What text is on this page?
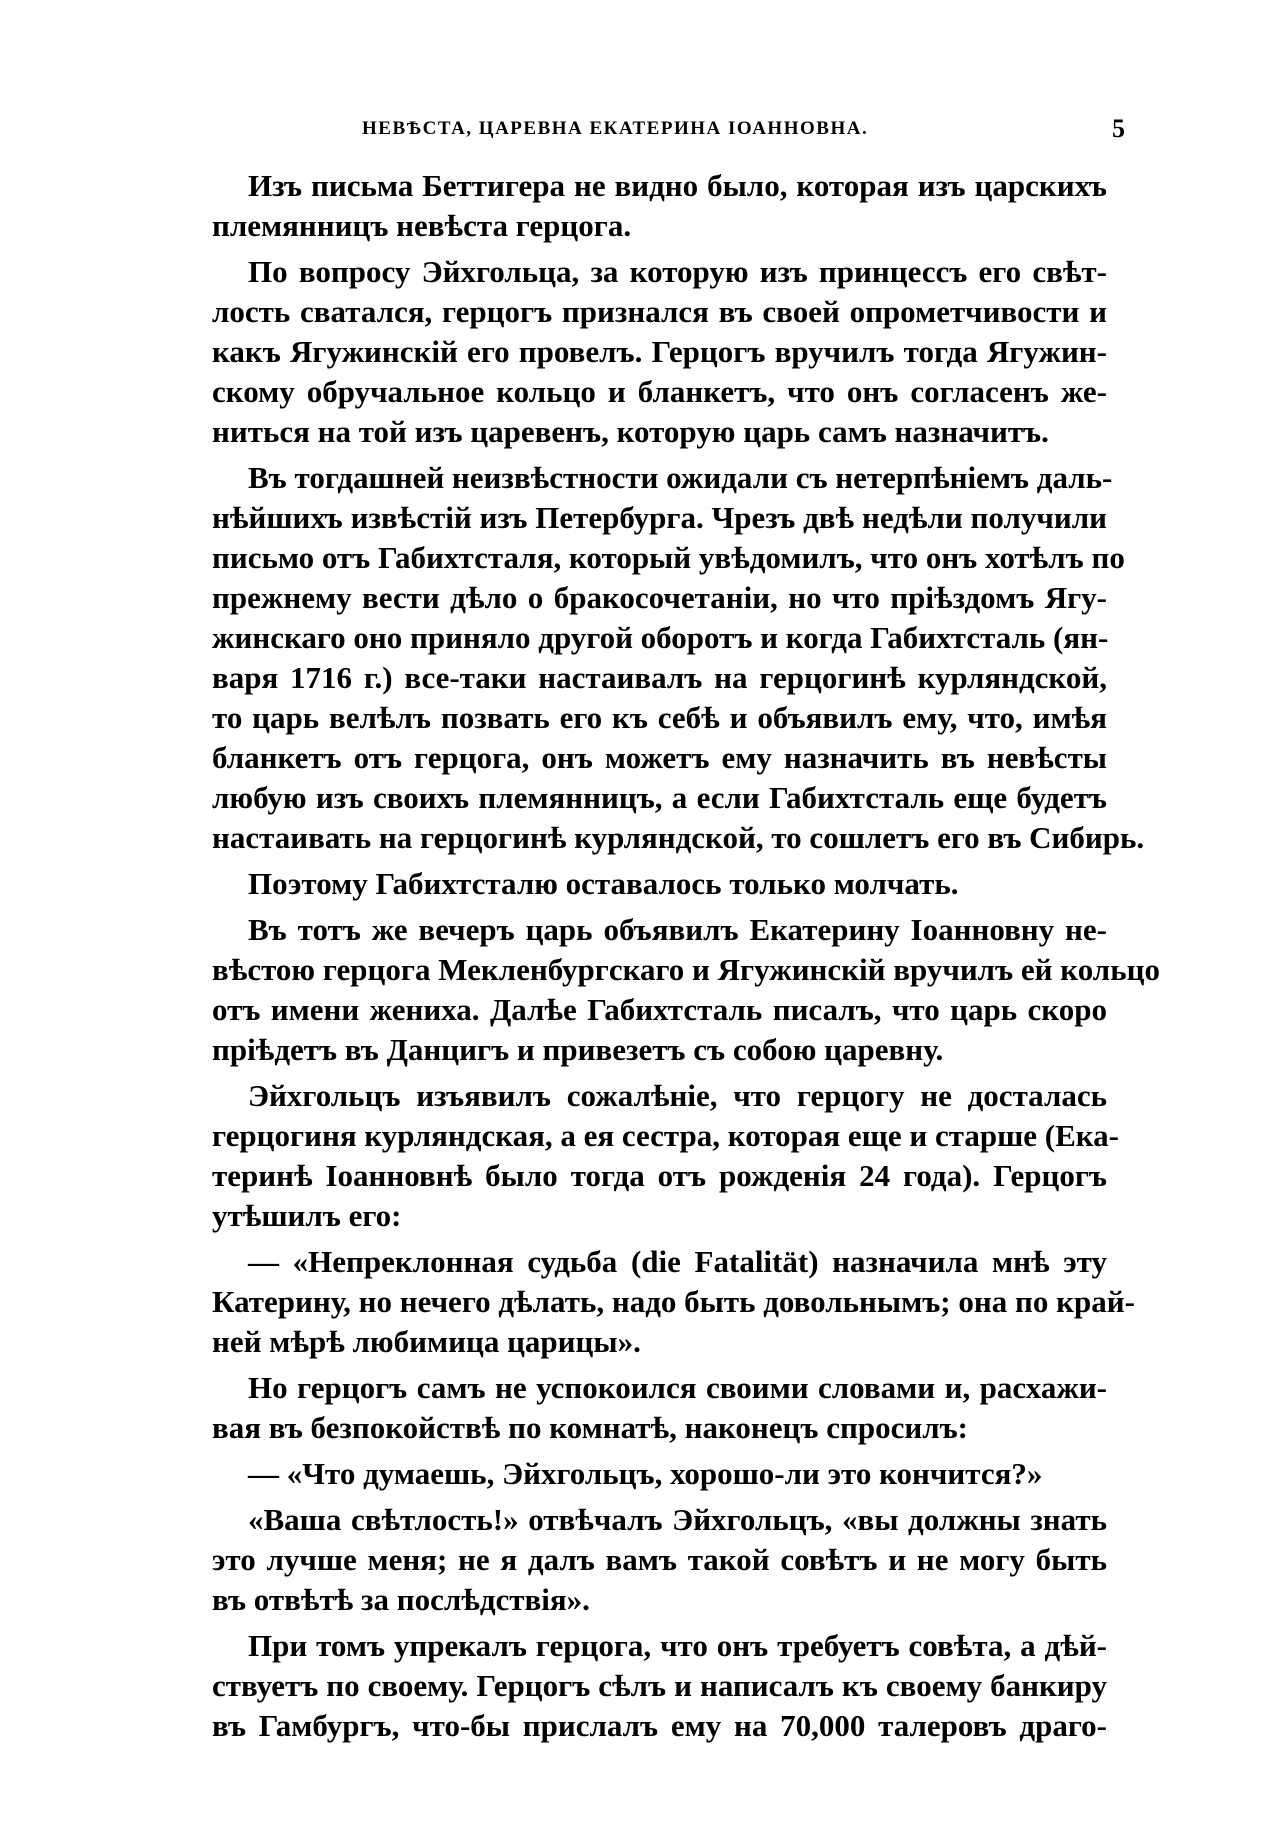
НЕВѢСТА, ЦАРЕВНА ЕКАТЕРИНА ІОАННОВНА.	5
Изъ письма Беттигера не видно было, которая изъ царскихъ
племянницъ невѣста герцога.
По вопросу Эйхгольца, за которую изъ принцессъ его свѣт-
лость сватался, герцогъ признался въ своей опрометчивости и
какъ Ягужинскій его провелъ. Герцогъ вручилъ тогда Ягужин-
скому обручальное кольцо и бланкетъ, что онъ согласенъ же-
ниться на той изъ царевенъ, которую царь самъ назначитъ.
Въ тогдашней неизвѣстности ожидали съ нетерпѣніемъ даль-
нѣйшихъ извѣстій изъ Петербурга. Чрезъ двѣ недѣли получили
письмо отъ Габихтсталя, который увѣдомилъ, что онъ хотѣлъ по
прежнему вести дѣло о бракосочетаніи, но что пріѣздомъ Ягу-
жинскаго оно приняло другой оборотъ и когда Габихтсталь (ян-
варя 1716 г.) все-таки настаивалъ на герцогинѣ курляндской,
то царь велѣлъ позвать его къ себѣ и объявилъ ему, что, имѣя
бланкетъ отъ герцога, онъ можетъ ему назначить въ невѣсты
любую изъ своихъ племянницъ, а если Габихтсталь еще будетъ
настаивать на герцогинѣ курляндской, то сошлетъ его въ Сибирь.
Поэтому Габихтсталю оставалось только молчать.
Въ тотъ же вечеръ царь объявилъ Екатерину Іоанновну не-
вѣстою герцога Мекленбургскаго и Ягужинскій вручилъ ей кольцо
отъ имени жениха. Далѣе Габихтсталь писалъ, что царь скоро
пріѣдетъ въ Данцигъ и привезетъ съ собою царевну.
Эйхгольцъ изъявилъ сожалѣніе, что герцогу не досталась
герцогиня курляндская, а ея сестра, которая еще и старше (Ека-
теринѣ Іоанновнѣ было тогда отъ рожденія 24 года). Герцогъ
утѣшилъ его:
— «Непреклонная судьба (die Fatalität) назначила мнѣ эту
Катерину, но нечего дѣлать, надо быть довольнымъ; она по край-
ней мѣрѣ любимица царицы».
Но герцогъ самъ не успокоился своими словами и, расхажи-
вая въ безпокойствѣ по комнатѣ, наконецъ спросилъ:
— «Что думаешь, Эйхгольцъ, хорошо-ли это кончится?»
«Ваша свѣтлость!» отвѣчалъ Эйхгольцъ, «вы должны знать
это лучше меня; не я далъ вамъ такой совѣтъ и не могу быть
въ отвѣтѣ за послѣдствія».
При томъ упрекалъ герцога, что онъ требуетъ совѣта, а дѣй-
ствуетъ по своему. Герцогъ сѣлъ и написалъ къ своему банкиру
въ Гамбургъ, что-бы прислалъ ему на 70,000 талеровъ драго-
